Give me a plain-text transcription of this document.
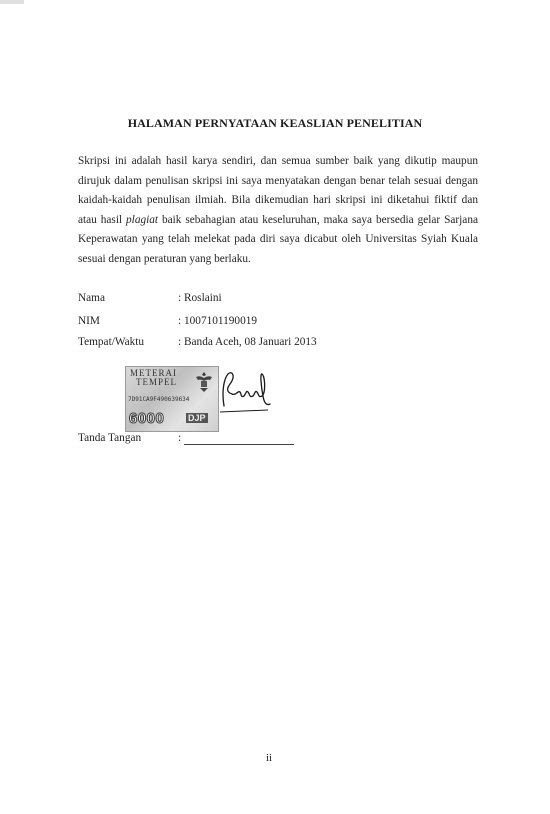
HALAMAN PERNYATAAN KEASLIAN PENELITIAN
Skripsi ini adalah hasil karya sendiri, dan semua sumber baik yang dikutip maupun dirujuk dalam penulisan skripsi ini saya menyatakan dengan benar telah sesuai dengan kaidah-kaidah penulisan ilmiah. Bila dikemudian hari skripsi ini diketahui fiktif dan atau hasil plagiat baik sebahagian atau keseluruhan, maka saya bersedia gelar Sarjana Keperawatan yang telah melekat pada diri saya dicabut oleh Universitas Syiah Kuala sesuai dengan peraturan yang berlaku.
Nama	: Roslaini
NIM	: 1007101190019
Tempat/Waktu	: Banda Aceh, 08 Januari 2013
METERAI
TEMPEL
7D91CA9F490639634
6000	DJP
Tanda Tangan	:
ii
